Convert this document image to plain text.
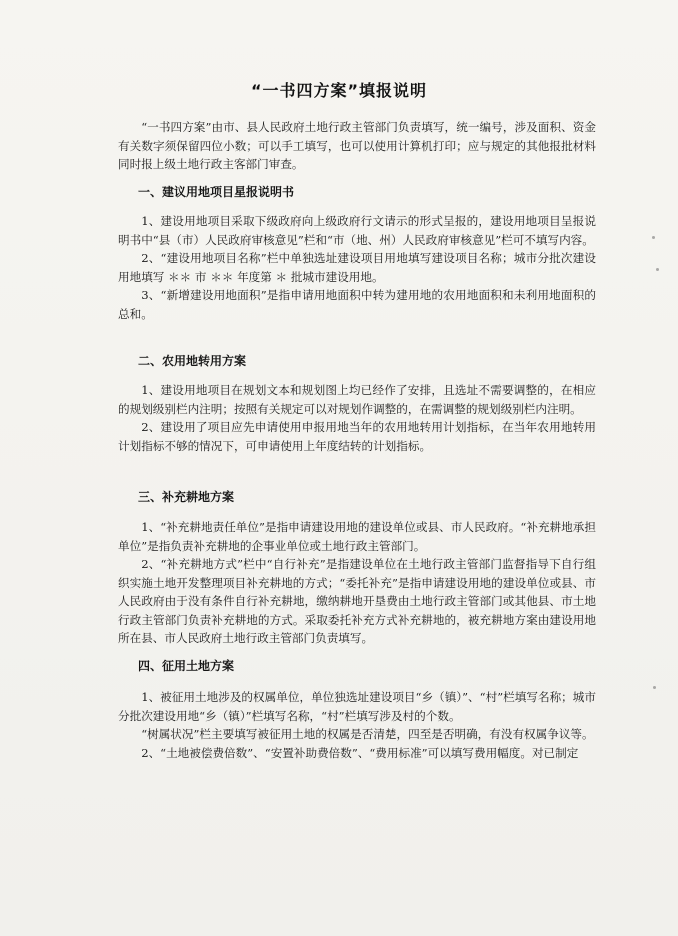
“一书四方案”填报说明

“一书四方案”由市、县人民政府土地行政主管部门负责填写，统一编号，涉及面积、资金有关数字须保留四位小数；可以手工填写，也可以使用计算机打印；应与规定的其他报批材料同时报上级土地行政主客部门审查。

一、建议用地项目星报说明书

1、建设用地项目采取下级政府向上级政府行文请示的形式呈报的，建设用地项目呈报说明书中“县（市）人民政府审核意见”栏和“市（地、州）人民政府审核意见”栏可不填写内容。

2、“建设用地项目名称”栏中单独选址建设项目用地填写建设项目名称；城市分批次建设用地填写 ＊＊ 市 ＊＊ 年度第 ＊ 批城市建设用地。

3、“新增建设用地面积”是指申请用地面积中转为建用地的农用地面积和未利用地面积的总和。

二、农用地转用方案

1、建设用地项目在规划文本和规划图上均已经作了安排，且选址不需要调整的，在相应的规划级别栏内注明；按照有关规定可以对规划作调整的，在需调整的规划级别栏内注明。

2、建设用了项目应先申请使用申报用地当年的农用地转用计划指标，在当年农用地转用计划指标不够的情况下，可申请使用上年度结转的计划指标。

三、补充耕地方案

1、“补充耕地责任单位”是指申请建设用地的建设单位或县、市人民政府。“补充耕地承担单位”是指负责补充耕地的企事业单位或土地行政主管部门。

2、“补充耕地方式”栏中“自行补充”是指建设单位在土地行政主管部门监督指导下自行组织实施土地开发整理项目补充耕地的方式；“委托补充”是指申请建设用地的建设单位或县、市人民政府由于没有条件自行补充耕地，缴纳耕地开垦费由土地行政主管部门或其他县、市土地行政主管部门负责补充耕地的方式。采取委托补充方式补充耕地的，被充耕地方案由建设用地所在县、市人民政府土地行政主管部门负责填写。

四、征用土地方案

1、被征用土地涉及的权属单位，单位独选址建设项目“乡（镇）”、“村”栏填写名称；城市分批次建设用地“乡（镇）”栏填写名称，“村”栏填写涉及村的个数。

“树属状况”栏主要填写被征用土地的权属是否清楚，四至是否明确，有没有权属争议等。

2、“土地被偿费倍数”、“安置补助费倍数”、“费用标准”可以填写费用幅度。对已制定
